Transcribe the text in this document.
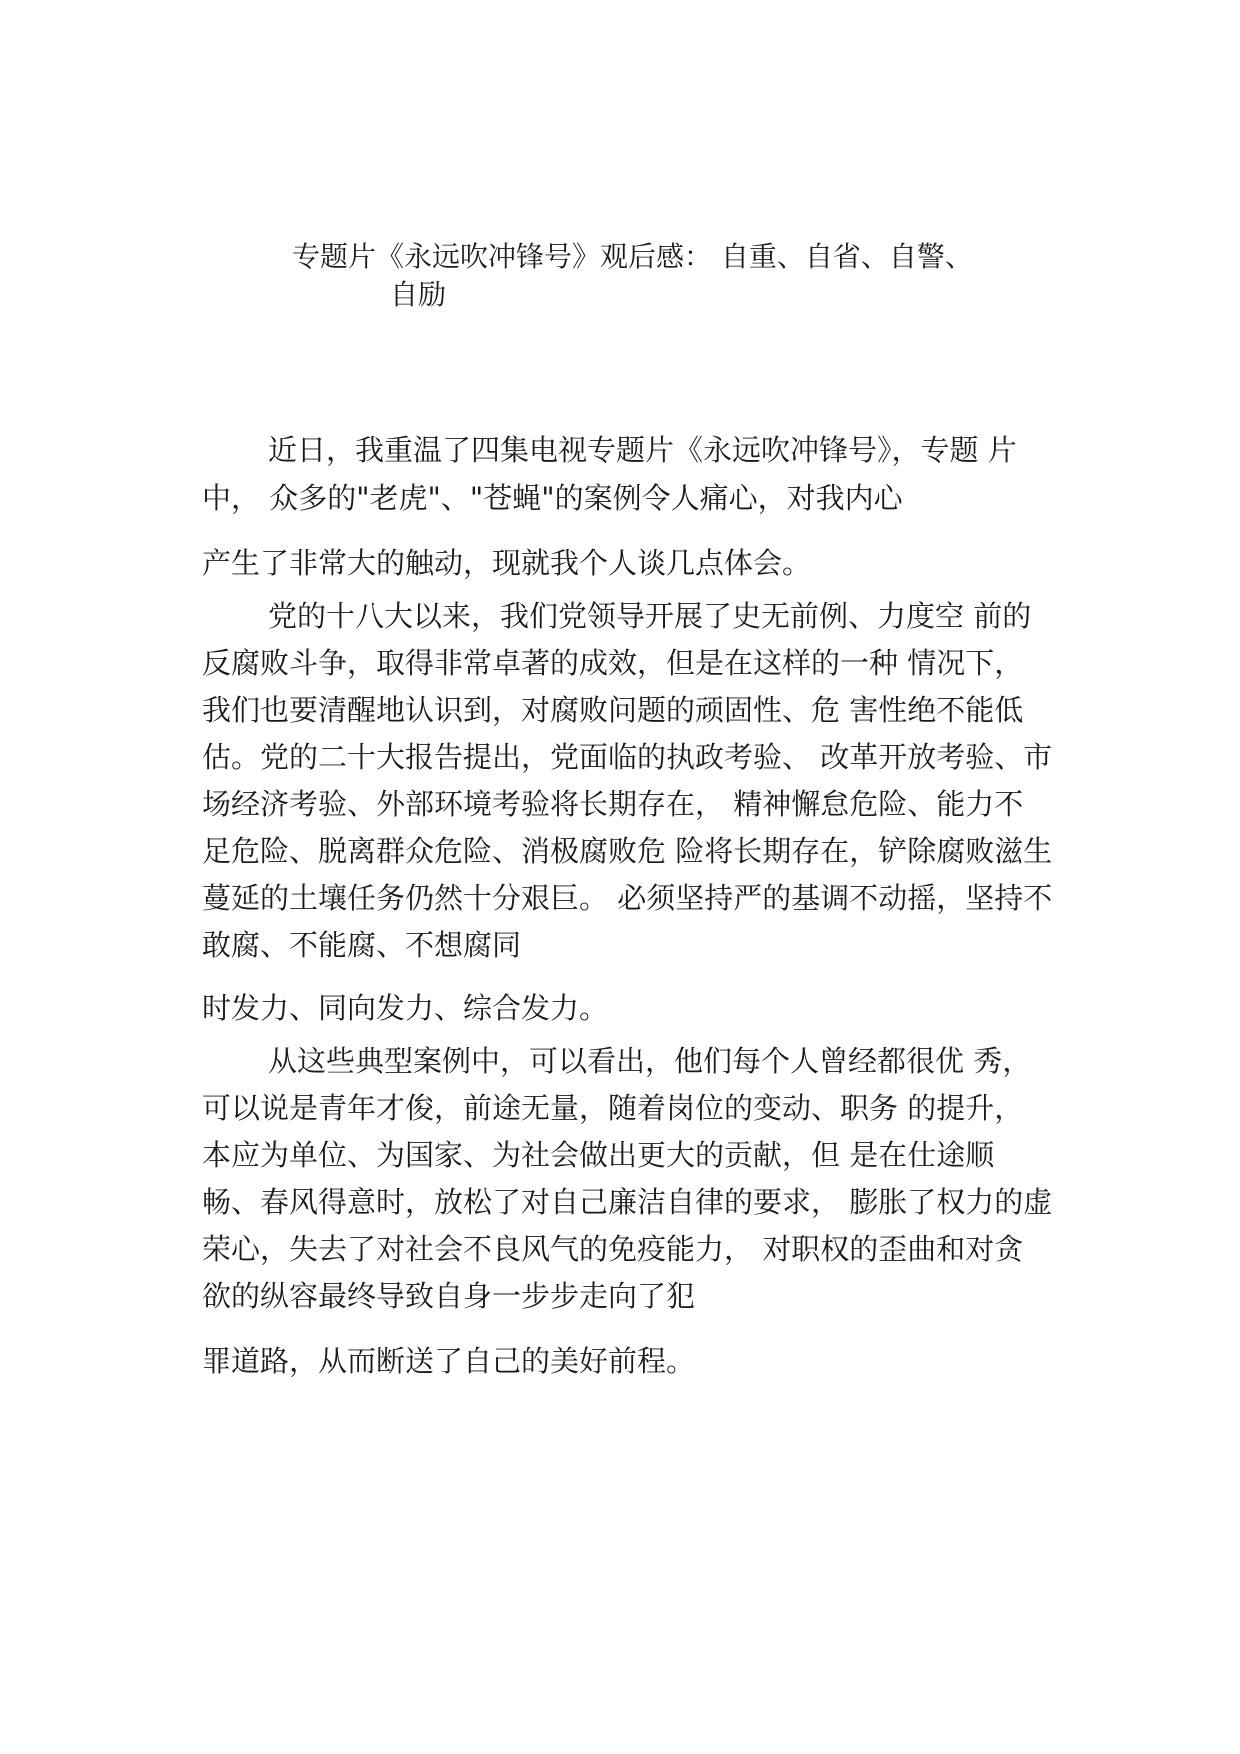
专题片《永远吹冲锋号》观后感： 自重、自省、自警、
自励

近日，我重温了四集电视专题片《永远吹冲锋号》，专题 片

中， 众多的"老虎"、"苍蝇"的案例令人痛心，对我内心

产生了非常大的触动，现就我个人谈几点体会。

党的十八大以来，我们党领导开展了史无前例、力度空 前的

反腐败斗争，取得非常卓著的成效，但是在这样的一种 情况下，

我们也要清醒地认识到，对腐败问题的顽固性、危 害性绝不能低

估。党的二十大报告提出，党面临的执政考验、 改革开放考验、市

场经济考验、外部环境考验将长期存在， 精神懈怠危险、能力不

足危险、脱离群众危险、消极腐败危 险将长期存在，铲除腐败滋生

蔓延的土壤任务仍然十分艰巨。 必须坚持严的基调不动摇，坚持不

敢腐、不能腐、不想腐同

时发力、同向发力、综合发力。

从这些典型案例中，可以看出，他们每个人曾经都很优 秀，

可以说是青年才俊，前途无量，随着岗位的变动、职务 的提升，

本应为单位、为国家、为社会做出更大的贡献，但 是在仕途顺

畅、春风得意时，放松了对自己廉洁自律的要求， 膨胀了权力的虚

荣心，失去了对社会不良风气的免疫能力， 对职权的歪曲和对贪

欲的纵容最终导致自身一步步走向了犯

罪道路，从而断送了自己的美好前程。
